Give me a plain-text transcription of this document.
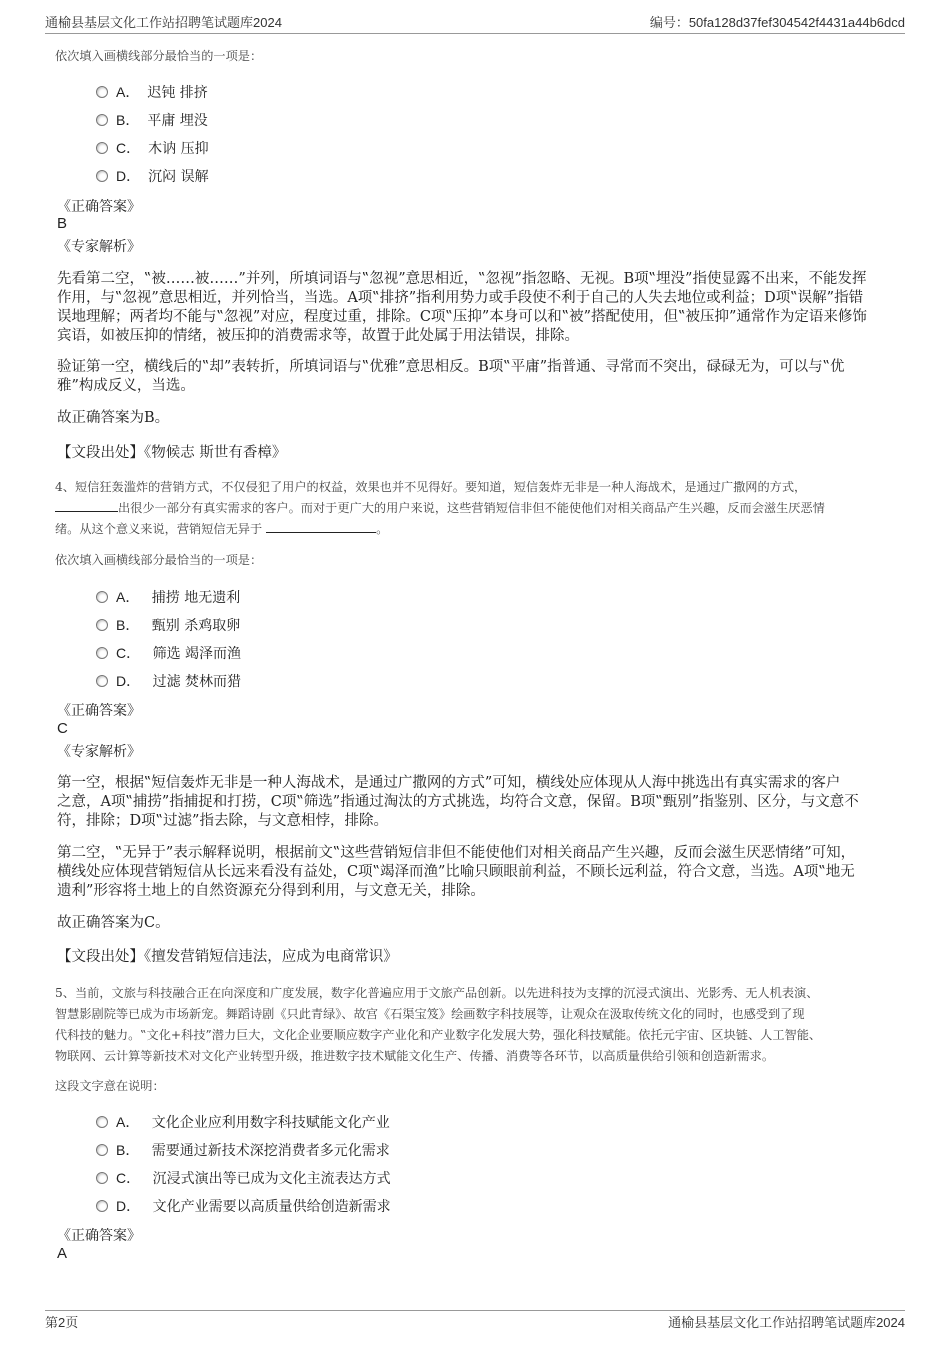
通榆县基层文化工作站招聘笔试题库2024	编号：50fa128d37fef304542f4431a44b6dcd
依次填入画横线部分最恰当的一项是：
A． 迟钝 排挤
B． 平庸 埋没
C． 木讷 压抑
D． 沉闷 误解
《正确答案》
B
《专家解析》
先看第二空，‟被……被……”并列，所填词语与‟忽视”意思相近，‟忽视”指忽略、无视。B项‟埋没”指使显露不出来，不能发挥
作用，与‟忽视”意思相近，并列恰当，当选。A项‟排挤”指利用势力或手段使不利于自己的人失去地位或利益；D项‟误解”指错
误地理解；两者均不能与‟忽视”对应，程度过重，排除。C项‟压抑”本身可以和‟被”搭配使用，但‟被压抑”通常作为定语来修饰
宾语，如被压抑的情绪，被压抑的消费需求等，故置于此处属于用法错误，排除。
验证第一空，横线后的‟却”表转折，所填词语与‟优雅”意思相反。B项‟平庸”指普通、寻常而不突出，碌碌无为，可以与‟优
雅”构成反义，当选。
故正确答案为B。
【文段出处】《物候志 斯世有香樟》
4、短信狂轰滥炸的营销方式，不仅侵犯了用户的权益，效果也并不见得好。要知道，短信轰炸无非是一种人海战术，是通过广撒网的方式，
出很少一部分有真实需求的客户。而对于更广大的用户来说，这些营销短信非但不能使他们对相关商品产生兴趣，反而会滋生厌恶情
绪。从这个意义来说，营销短信无异于	。
依次填入画横线部分最恰当的一项是：
A． 捕捞 地无遗利
B． 甄别 杀鸡取卵
C． 筛选 竭泽而渔
D． 过滤 焚林而猎
《正确答案》
C
《专家解析》
第一空，根据‟短信轰炸无非是一种人海战术，是通过广撒网的方式”可知，横线处应体现从人海中挑选出有真实需求的客户
之意，A项‟捕捞”指捕捉和打捞，C项‟筛选”指通过淘汰的方式挑选，均符合文意，保留。B项‟甄别”指鉴别、区分，与文意不
符，排除；D项‟过滤”指去除，与文意相悖，排除。
第二空，‟无异于”表示解释说明，根据前文‟这些营销短信非但不能使他们对相关商品产生兴趣，反而会滋生厌恶情绪”可知，
横线处应体现营销短信从长远来看没有益处，C项‟竭泽而渔”比喻只顾眼前利益，不顾长远利益，符合文意，当选。A项‟地无
遗利”形容将土地上的自然资源充分得到利用，与文意无关，排除。
故正确答案为C。
【文段出处】《擅发营销短信违法，应成为电商常识》
5、当前，文旅与科技融合正在向深度和广度发展，数字化普遍应用于文旅产品创新。以先进科技为支撑的沉浸式演出、光影秀、无人机表演、
智慧影剧院等已成为市场新宠。舞蹈诗剧《只此青绿》、故宫《石渠宝笈》绘画数字科技展等，让观众在汲取传统文化的同时，也感受到了现
代科技的魅力。‟文化+科技”潜力巨大，文化企业要顺应数字产业化和产业数字化发展大势，强化科技赋能。依托元宇宙、区块链、人工智能、
物联网、云计算等新技术对文化产业转型升级，推进数字技术赋能文化生产、传播、消费等各环节，以高质量供给引领和创造新需求。
这段文字意在说明：
A． 文化企业应利用数字科技赋能文化产业
B． 需要通过新技术深挖消费者多元化需求
C． 沉浸式演出等已成为文化主流表达方式
D． 文化产业需要以高质量供给创造新需求
《正确答案》
A
第2页	通榆县基层文化工作站招聘笔试题库2024
